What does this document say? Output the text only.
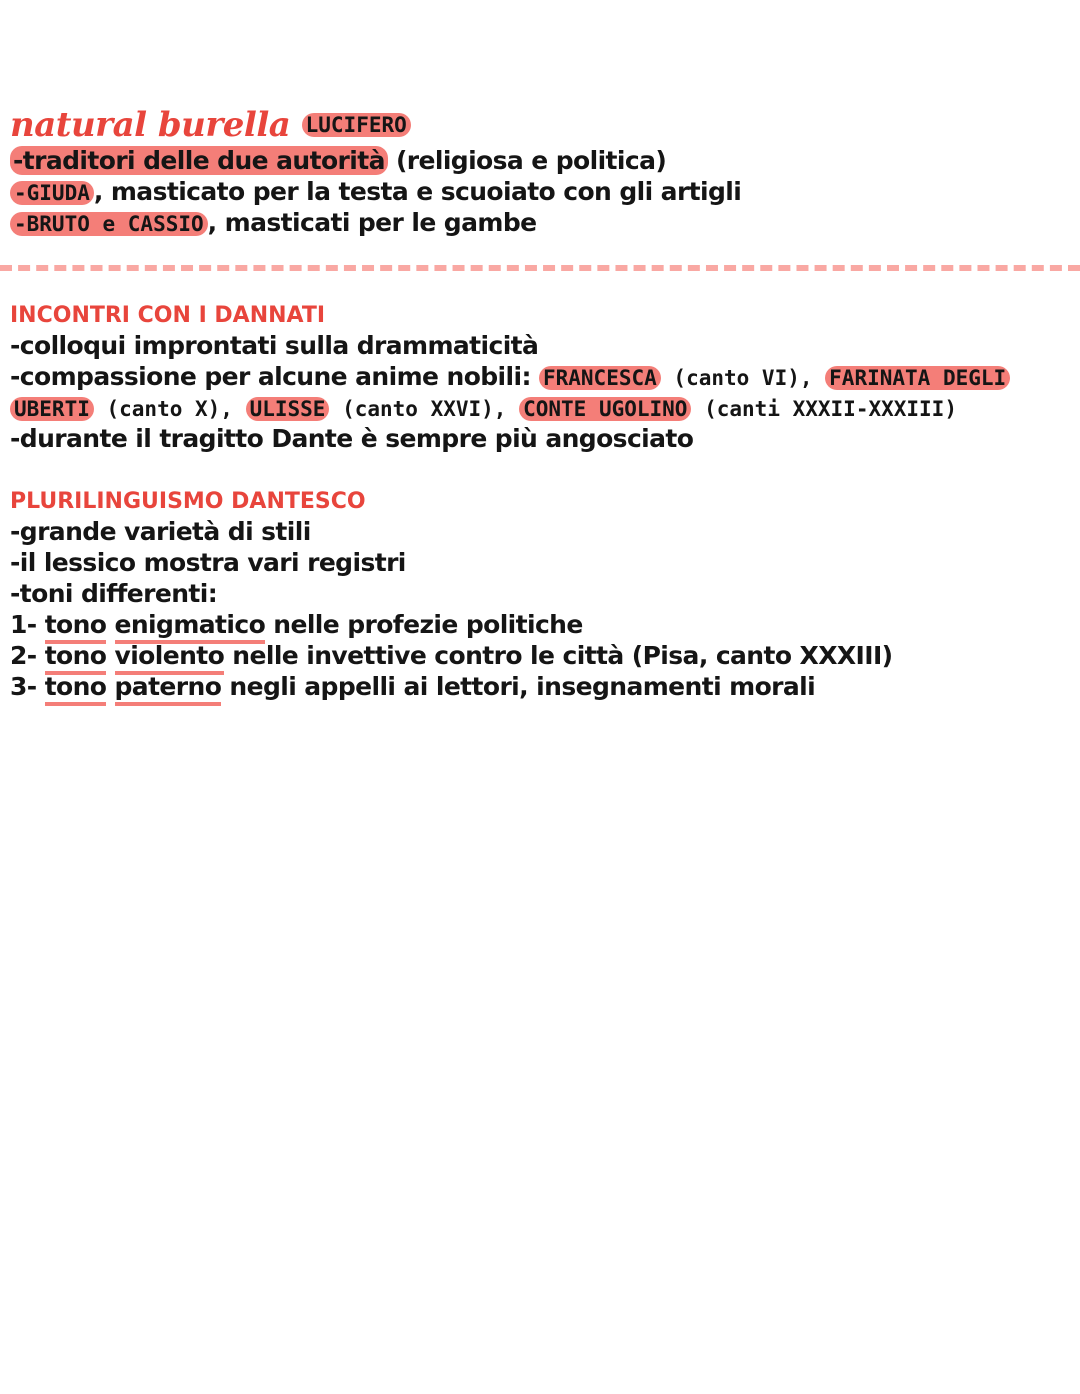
natural burella LUCIFERO
-traditori delle due autorità (religiosa e politica)
-GIUDA , masticato per la testa e scuoiato con gli artigli
-BRUTO e CASSIO , masticati per le gambe
INCONTRI CON I DANNATI
-colloqui improntati sulla drammaticità
-compassione per alcune anime nobili: FRANCESCA (canto VI), FARINATA DEGLI
UBERTI (canto X), ULISSE (canto XXVI), CONTE UGOLINO (canti XXXII-XXXIII)
-durante il tragitto Dante è sempre più angosciato
PLURILINGUISMO DANTESCO
-grande varietà di stili
-il lessico mostra vari registri
-toni differenti:
1- tono enigmatico nelle profezie politiche
2- tono violento nelle invettive contro le città (Pisa, canto XXXIII)
3- tono paterno negli appelli ai lettori, insegnamenti morali
